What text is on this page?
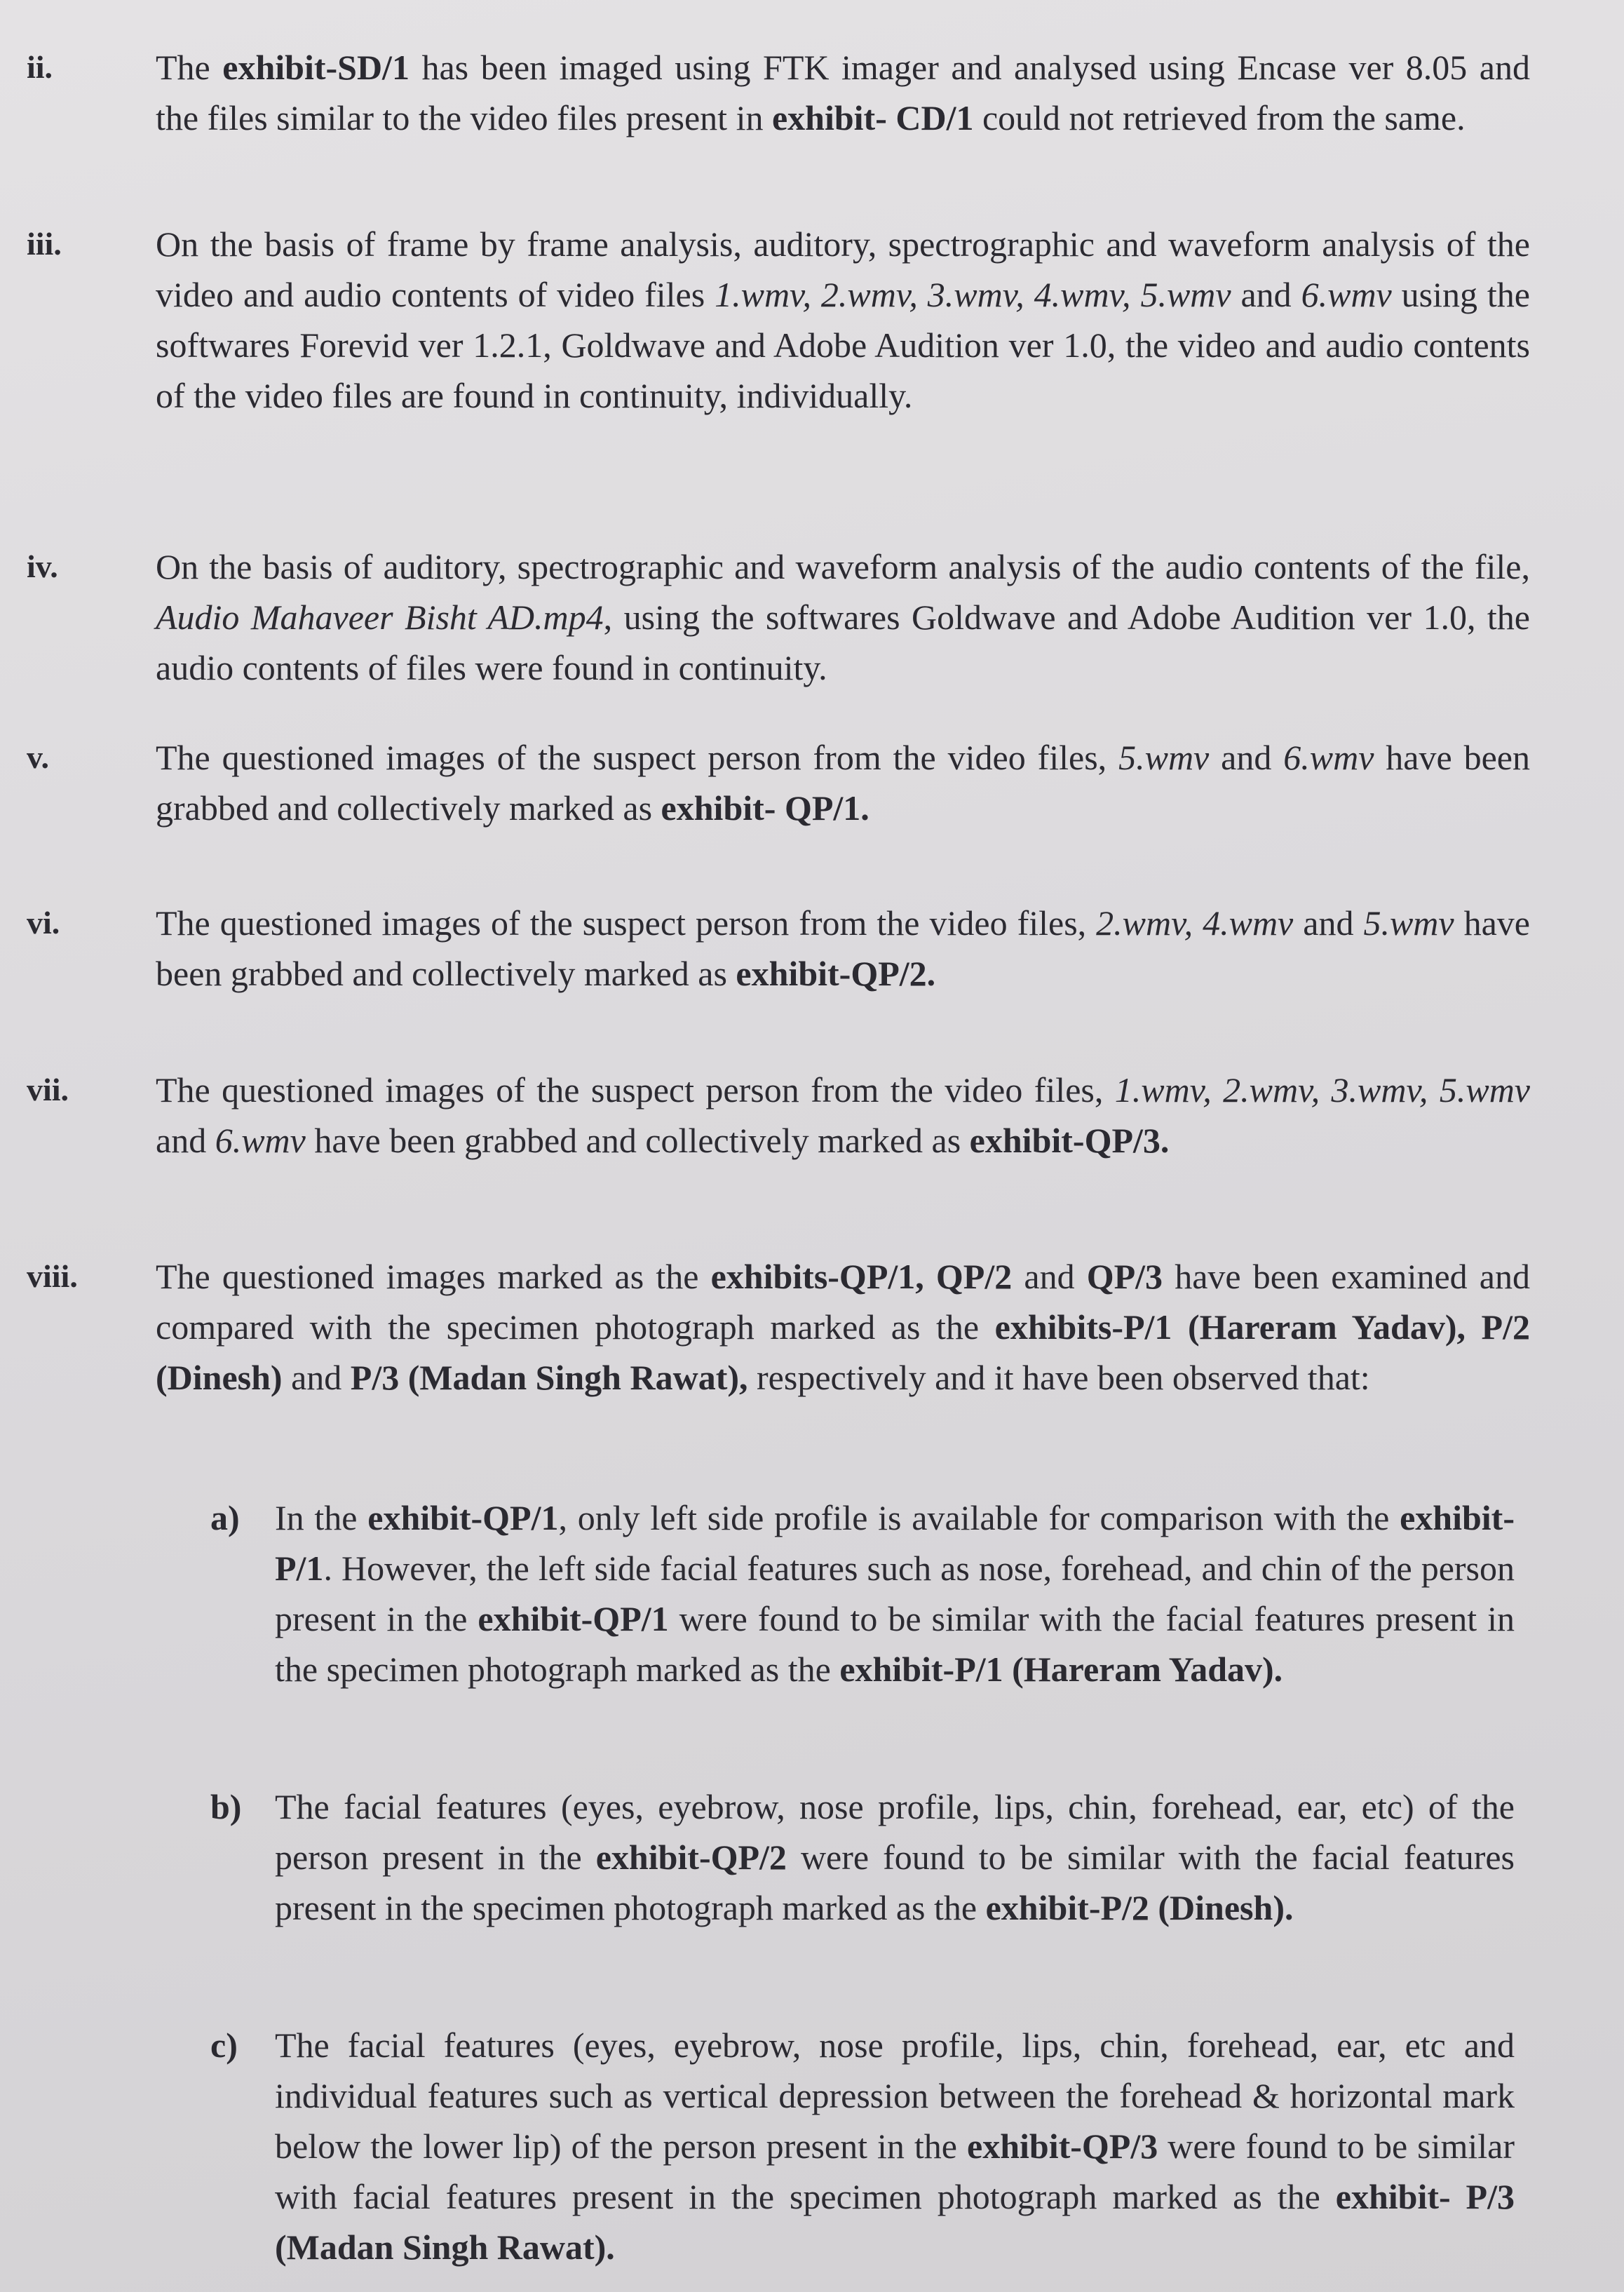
ii.	The exhibit-SD/1 has been imaged using FTK imager and analysed using Encase ver 8.05 and the files similar to the video files present in exhibit- CD/1 could not retrieved from the same.

iii.	On the basis of frame by frame analysis, auditory, spectrographic and waveform analysis of the video and audio contents of video files 1.wmv, 2.wmv, 3.wmv, 4.wmv, 5.wmv and 6.wmv using the softwares Forevid ver 1.2.1, Goldwave and Adobe Audition ver 1.0, the video and audio contents of the video files are found in continuity, individually.

iv.	On the basis of auditory, spectrographic and waveform analysis of the audio contents of the file, Audio Mahaveer Bisht AD.mp4, using the softwares Goldwave and Adobe Audition ver 1.0, the audio contents of files were found in continuity.

v.	The questioned images of the suspect person from the video files, 5.wmv and 6.wmv have been grabbed and collectively marked as exhibit- QP/1.

vi.	The questioned images of the suspect person from the video files, 2.wmv, 4.wmv and 5.wmv have been grabbed and collectively marked as exhibit-QP/2.

vii. The questioned images of the suspect person from the video files, 1.wmv, 2.wmv, 3.wmv, 5.wmv and 6.wmv have been grabbed and collectively marked as exhibit-QP/3.

viii. The questioned images marked as the exhibits-QP/1, QP/2 and QP/3 have been examined and compared with the specimen photograph marked as the exhibits-P/1 (Hareram Yadav), P/2 (Dinesh) and P/3 (Madan Singh Rawat), respectively and it have been observed that:

a) In the exhibit-QP/1, only left side profile is available for comparison with the exhibit-P/1. However, the left side facial features such as nose, forehead, and chin of the person present in the exhibit-QP/1 were found to be similar with the facial features present in the specimen photograph marked as the exhibit-P/1 (Hareram Yadav).

b) The facial features (eyes, eyebrow, nose profile, lips, chin, forehead, ear, etc) of the person present in the exhibit-QP/2 were found to be similar with the facial features present in the specimen photograph marked as the exhibit-P/2 (Dinesh).

c) The facial features (eyes, eyebrow, nose profile, lips, chin, forehead, ear, etc and individual features such as vertical depression between the forehead & horizontal mark below the lower lip) of the person present in the exhibit-QP/3 were found to be similar with facial features present in the specimen photograph marked as the exhibit- P/3 (Madan Singh Rawat).
